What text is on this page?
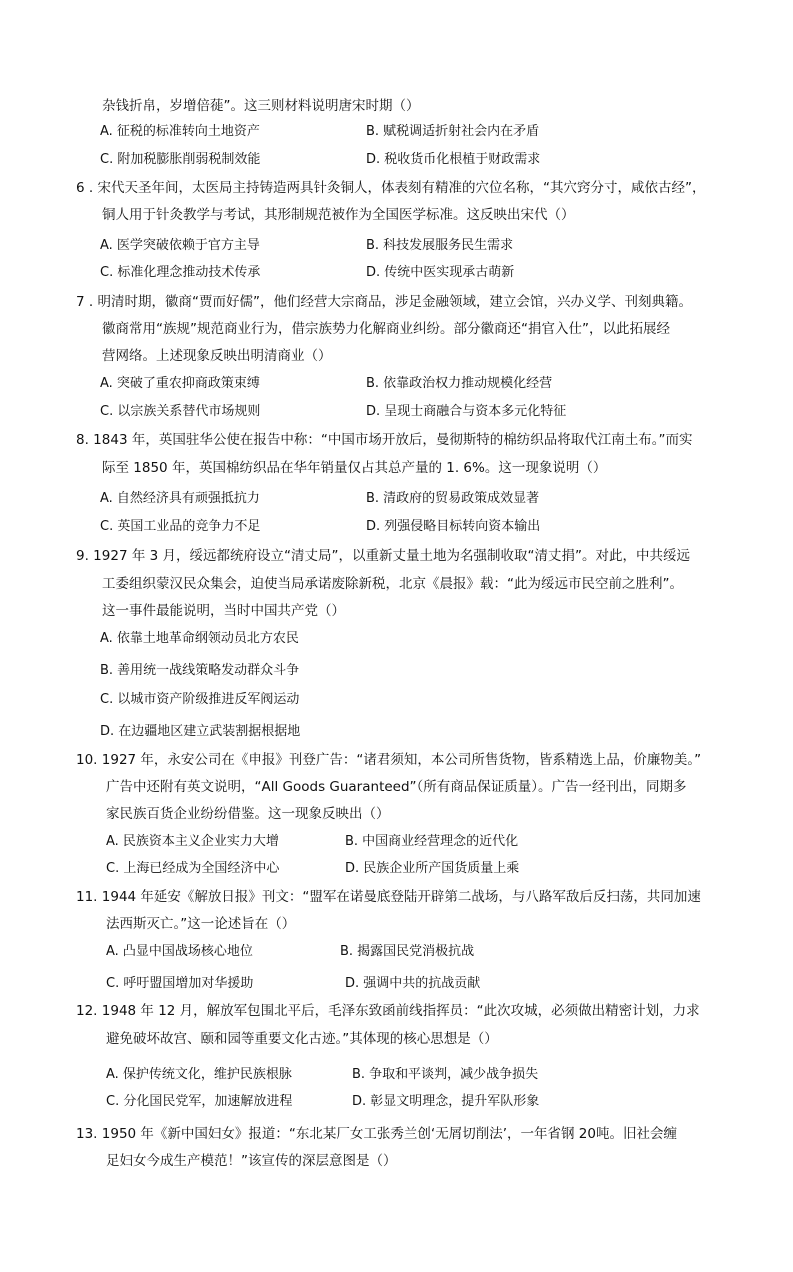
杂钱折帛，岁增倍蓰”。这三则材料说明唐宋时期（）
A. 征税的标准转向土地资产	B. 赋税调适折射社会内在矛盾
C. 附加税膨胀削弱税制效能	D. 税收货币化根植于财政需求
6 . 宋代天圣年间，太医局主持铸造两具针灸铜人，体表刻有精准的穴位名称，“其穴窍分寸，咸依古经”，
铜人用于针灸教学与考试，其形制规范被作为全国医学标准。这反映出宋代（）
A. 医学突破依赖于官方主导	B. 科技发展服务民生需求
C. 标准化理念推动技术传承	D. 传统中医实现承古萌新
7 . 明清时期，徽商“贾而好儒”，他们经营大宗商品，涉足金融领域，建立会馆，兴办义学、刊刻典籍。
徽商常用“族规”规范商业行为，借宗族势力化解商业纠纷。部分徽商还“捐官入仕”，以此拓展经
营网络。上述现象反映出明清商业（）
A. 突破了重农抑商政策束缚	B. 依靠政治权力推动规模化经营
C. 以宗族关系替代市场规则	D. 呈现士商融合与资本多元化特征
8. 1843 年，英国驻华公使在报告中称：“中国市场开放后，曼彻斯特的棉纺织品将取代江南土布。”而实
际至 1850 年，英国棉纺织品在华年销量仅占其总产量的 1. 6%。这一现象说明（）
A. 自然经济具有顽强抵抗力	B. 清政府的贸易政策成效显著
C. 英国工业品的竞争力不足	D. 列强侵略目标转向资本输出
9. 1927 年 3 月，绥远都统府设立“清丈局”，以重新丈量土地为名强制收取“清丈捐”。对此，中共绥远
工委组织蒙汉民众集会，迫使当局承诺废除新税，北京《晨报》载：“此为绥远市民空前之胜利”。
这一事件最能说明，当时中国共产党（）
A. 依靠土地革命纲领动员北方农民
B. 善用统一战线策略发动群众斗争
C. 以城市资产阶级推进反军阀运动
D. 在边疆地区建立武装割据根据地
10. 1927 年，永安公司在《申报》刊登广告：“诸君须知，本公司所售货物，皆系精选上品，价廉物美。”
广告中还附有英文说明，“All Goods Guaranteed”（所有商品保证质量）。广告一经刊出，同期多
家民族百货企业纷纷借鉴。这一现象反映出（）
A. 民族资本主义企业实力大增	B. 中国商业经营理念的近代化
C. 上海已经成为全国经济中心	D. 民族企业所产国货质量上乘
11. 1944 年延安《解放日报》刊文：“盟军在诺曼底登陆开辟第二战场，与八路军敌后反扫荡，共同加速
法西斯灭亡。”这一论述旨在（）
A. 凸显中国战场核心地位	B. 揭露国民党消极抗战
C. 呼吁盟国增加对华援助	D. 强调中共的抗战贡献
12. 1948 年 12 月，解放军包围北平后，毛泽东致函前线指挥员：“此次攻城，必须做出精密计划，力求
避免破坏故宫、颐和园等重要文化古迹。”其体现的核心思想是（）
A. 保护传统文化，维护民族根脉	B. 争取和平谈判，减少战争损失
C. 分化国民党军，加速解放进程	D. 彰显文明理念，提升军队形象
13. 1950 年《新中国妇女》报道：“东北某厂女工张秀兰创‘无屑切削法’，一年省钢 20吨。旧社会缠
足妇女今成生产模范！”该宣传的深层意图是（）
